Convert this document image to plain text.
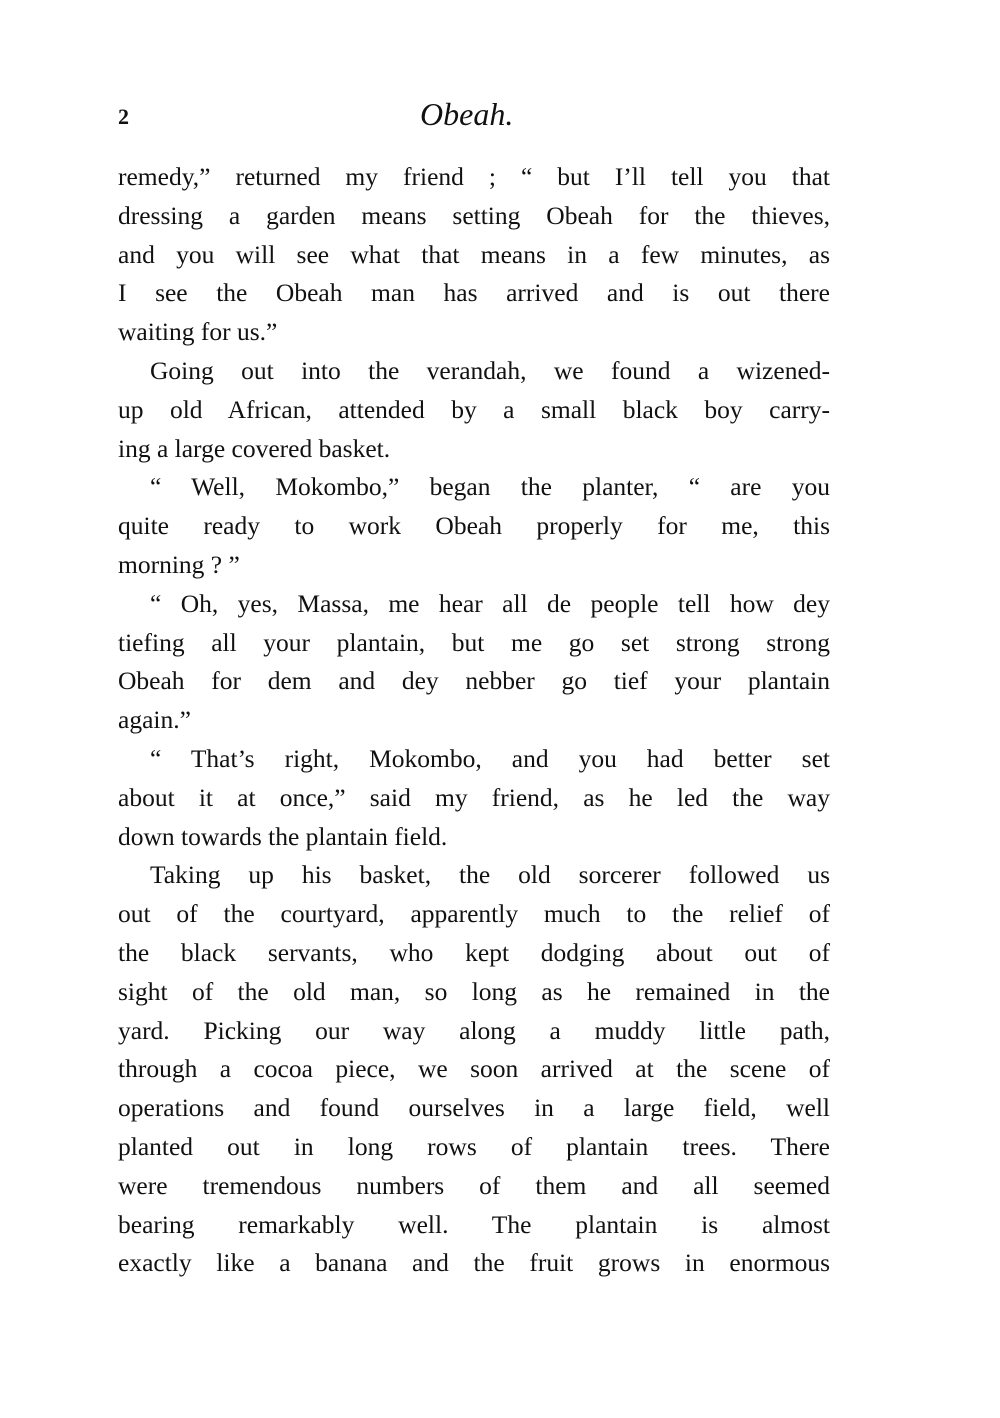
2	Obeah.
remedy,” returned my friend ; “ but I’ll tell you that
dressing a garden means setting Obeah for the thieves,
and you will see what that means in a few minutes, as
I see the Obeah man has arrived and is out there
waiting for us.”
Going out into the verandah, we found a wizened-
up old African, attended by a small black boy carry-
ing a large covered basket.
“ Well, Mokombo,” began the planter, “ are you
quite ready to work Obeah properly for me, this
morning ? ”
“ Oh, yes, Massa, me hear all de people tell how dey
tiefing all your plantain, but me go set strong strong
Obeah for dem and dey nebber go tief your plantain
again.”
“ That’s right, Mokombo, and you had better set
about it at once,” said my friend, as he led the way
down towards the plantain field.
Taking up his basket, the old sorcerer followed us
out of the courtyard, apparently much to the relief of
the black servants, who kept dodging about out of
sight of the old man, so long as he remained in the
yard. Picking our way along a muddy little path,
through a cocoa piece, we soon arrived at the scene of
operations and found ourselves in a large field, well
planted out in long rows of plantain trees. There
were tremendous numbers of them and all seemed
bearing remarkably well. The plantain is almost
exactly like a banana and the fruit grows in enormous
